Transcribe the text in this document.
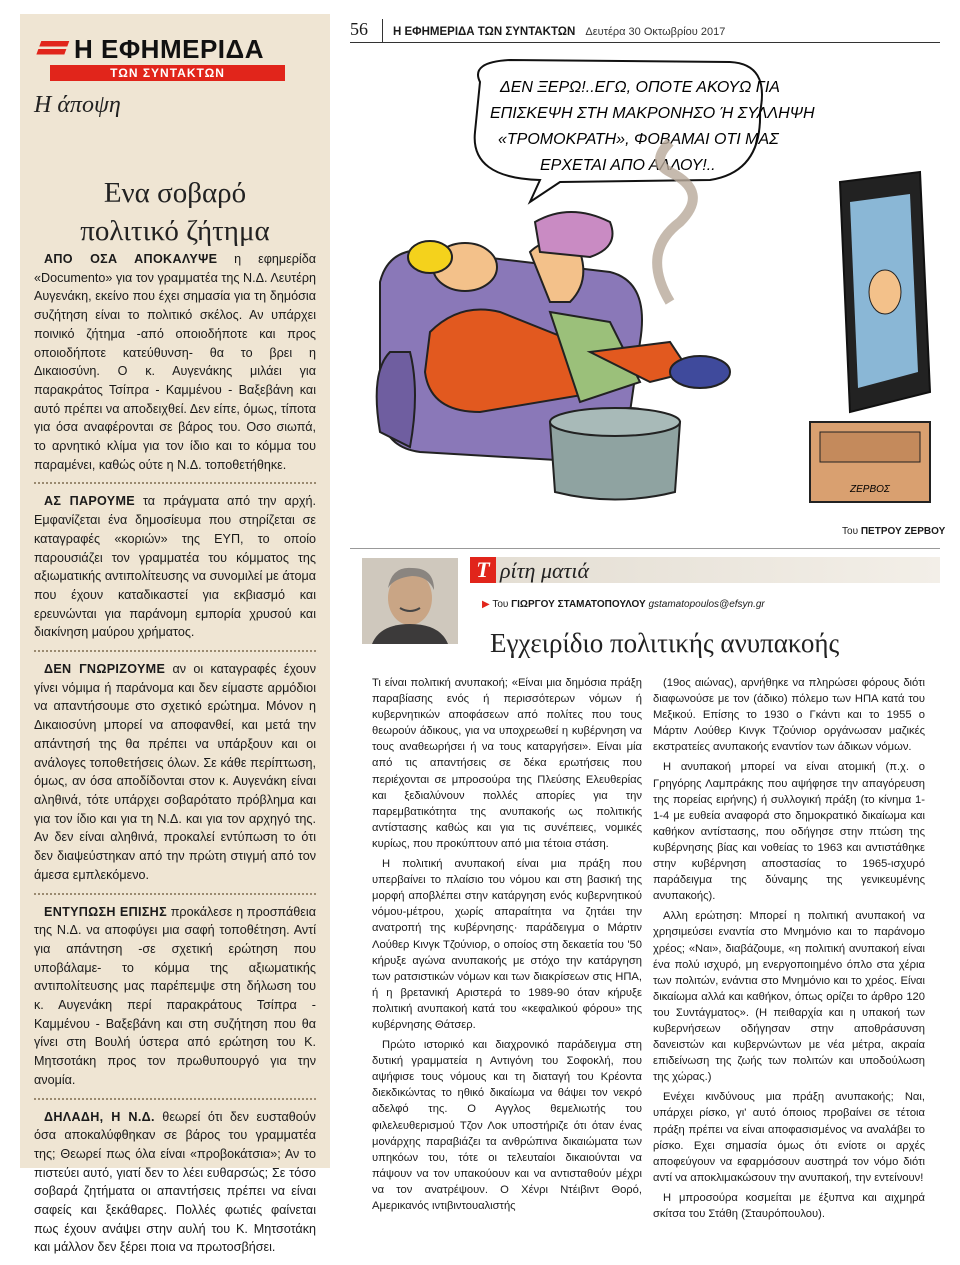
Η ΕΦΗΜΕΡΙΔΑ
ΤΩΝ ΣΥΝΤΑΚΤΩΝ
Η άποψη
Ενα σοβαρό
πολιτικό ζήτημα

ΑΠΟ ΟΣΑ ΑΠΟΚΑΛΥΨΕ η εφημερίδα «Documento» για τον γραμματέα της Ν.Δ. Λευτέρη Αυγενάκη, εκείνο που έχει σημασία για τη δημόσια συζήτηση είναι το πολιτικό σκέλος. Αν υπάρχει ποινικό ζήτημα -από οποιοδήποτε και προς οποιοδήποτε κατεύθυνση- θα το βρει η Δικαιοσύνη. Ο κ. Αυγενάκης μιλάει για παρακράτος Τσίπρα - Καμμένου - Βαξεβάνη και αυτό πρέπει να αποδειχθεί. Δεν είπε, όμως, τίποτα για όσα αναφέρονται σε βάρος του. Οσο σιωπά, το αρνητικό κλίμα για τον ίδιο και το κόμμα του παραμένει, καθώς ούτε η Ν.Δ. τοποθετήθηκε.

ΑΣ ΠΑΡΟΥΜΕ τα πράγματα από την αρχή. Εμφανίζεται ένα δημοσίευμα που στηρίζεται σε καταγραφές «κοριών» της ΕΥΠ, το οποίο παρουσιάζει τον γραμματέα του κόμματος της αξιωματικής αντιπολίτευσης να συνομιλεί με άτομα που έχουν καταδικαστεί για εκβιασμό και ερευνώνται για παράνομη εμπορία χρυσού και διακίνηση μαύρου χρήματος.

ΔΕΝ ΓΝΩΡΙΖΟΥΜΕ αν οι καταγραφές έχουν γίνει νόμιμα ή παράνομα και δεν είμαστε αρμόδιοι να απαντήσουμε στο σχετικό ερώτημα. Μόνον η Δικαιοσύνη μπορεί να αποφανθεί, και μετά την απάντησή της θα πρέπει να υπάρξουν και οι ανάλογες τοποθετήσεις όλων. Σε κάθε περίπτωση, όμως, αν όσα αποδίδονται στον κ. Αυγενάκη είναι αληθινά, τότε υπάρχει σοβαρότατο πρόβλημα και για τον ίδιο και για τη Ν.Δ. και για τον αρχηγό της. Αν δεν είναι αληθινά, προκαλεί εντύπωση το ότι δεν διαψεύστηκαν από την πρώτη στιγμή από τον άμεσα εμπλεκόμενο.

ΕΝΤΥΠΩΣΗ ΕΠΙΣΗΣ προκάλεσε η προσπάθεια της Ν.Δ. να αποφύγει μια σαφή τοποθέτηση. Αντί για απάντηση -σε σχετική ερώτηση που υποβάλαμε- το κόμμα της αξιωματικής αντιπολίτευσης μας παρέπεμψε στη δήλωση του κ. Αυγενάκη περί παρακράτους Τσίπρα - Καμμένου - Βαξεβάνη και στη συζήτηση που θα γίνει στη Βουλή ύστερα από ερώτηση του Κ. Μητσοτάκη προς τον πρωθυπουργό για την ανομία.

ΔΗΛΑΔΗ, Η Ν.Δ. θεωρεί ότι δεν ευσταθούν όσα αποκαλύφθηκαν σε βάρος του γραμματέα της; Θεωρεί πως όλα είναι «προβοκάτσια»; Αν το πιστεύει αυτό, γιατί δεν το λέει ευθαρσώς; Σε τόσο σοβαρά ζητήματα οι απαντήσεις πρέπει να είναι σαφείς και ξεκάθαρες. Πολλές φωτιές φαίνεται πως έχουν ανάψει στην αυλή του Κ. Μητσοτάκη και μάλλον δεν ξέρει ποια να πρωτοσβήσει.

56	Η ΕΦΗΜΕΡΙΔΑ ΤΩΝ ΣΥΝΤΑΚΤΩΝ Δευτέρα 30 Οκτωβρίου 2017
ΔΕΝ ΞΕΡΩ!..ΕΓΩ, ΟΠΟΤΕ ΑΚΟΥΩ ΓΙΑ
ΕΠΙΣΚΕΨΗ ΣΤΗ ΜΑΚΡΟΝΗΣΟ Ή ΣΥΛΛΗΨΗ
«ΤΡΟΜΟΚΡΑΤΗ», ΦΟΒΑΜΑΙ ΟΤΙ ΜΑΣ
ΕΡΧΕΤΑΙ ΑΠΟ ΑΛΛΟΥ!..
ΖΕΡΒΟΣ
Του ΠΕΤΡΟΥ ΖΕΡΒΟΥ
Τ ρίτη ματιά
▶ Του ΓΙΩΡΓΟΥ ΣΤΑΜΑΤΟΠΟΥΛΟΥ gstamatopoulos@efsyn.gr
Εγχειρίδιο πολιτικής ανυπακοής

Τι είναι πολιτική ανυπακοή; «Είναι μια δημόσια πράξη παραβίασης ενός ή περισσότερων νόμων ή κυβερνητικών αποφάσεων από πολίτες που τους θεωρούν άδικους, για να υποχρεωθεί η κυβέρνηση να τους αναθεωρήσει ή να τους καταργήσει». Είναι μία από τις απαντήσεις σε δέκα ερωτήσεις που περιέχονται σε μπροσούρα της Πλεύσης Ελευθερίας και ξεδιαλύνουν πολλές απορίες για την παρεμβατικότητα της ανυπακοής ως πολιτικής αντίστασης καθώς και για τις συνέπειες, νομικές κυρίως, που προκύπτουν από μια τέτοια στάση.

Η πολιτική ανυπακοή είναι μια πράξη που υπερβαίνει το πλαίσιο του νόμου και στη βασική της μορφή αποβλέπει στην κατάργηση ενός κυβερνητικού νόμου-μέτρου, χωρίς απαραίτητα να ζητάει την ανατροπή της κυβέρνησης· παράδειγμα ο Μάρτιν Λούθερ Κινγκ Τζούνιορ, ο οποίος στη δεκαετία του '50 κήρυξε αγώνα ανυπακοής με στόχο την κατάργηση των ρατσιστικών νόμων και των διακρίσεων στις ΗΠΑ, ή η βρετανική Αριστερά το 1989-90 όταν κήρυξε πολιτική ανυπακοή κατά του «κεφαλικού φόρου» της κυβέρνησης Θάτσερ.

Πρώτο ιστορικό και διαχρονικό παράδειγμα στη δυτική γραμματεία η Αντιγόνη του Σοφοκλή, που αψήφισε τους νόμους και τη διαταγή του Κρέοντα διεκδικώντας το ηθικό δικαίωμα να θάψει τον νεκρό αδελφό της. Ο Αγγλος θεμελιωτής του φιλελευθερισμού Τζον Λοκ υποστήριζε ότι όταν ένας μονάρχης παραβιάζει τα ανθρώπινα δικαιώματα των υπηκόων του, τότε οι τελευταίοι δικαιούνται να πάψουν να τον υπακούουν και να αντισταθούν μέχρι να τον ανατρέψουν. Ο Χένρι Ντέιβιντ Θορό, Αμερικανός ιντιβιντουαλιστής

(19ος αιώνας), αρνήθηκε να πληρώσει φόρους διότι διαφωνούσε με τον (άδικο) πόλεμο των ΗΠΑ κατά του Μεξικού. Επίσης το 1930 ο Γκάντι και το 1955 ο Μάρτιν Λούθερ Κινγκ Τζούνιορ οργάνωσαν μαζικές εκστρατείες ανυπακοής εναντίον των άδικων νόμων.

Η ανυπακοή μπορεί να είναι ατομική (π.χ. ο Γρηγόρης Λαμπράκης που αψήφησε την απαγόρευση της πορείας ειρήνης) ή συλλογική πράξη (το κίνημα 1-1-4 με ευθεία αναφορά στο δημοκρατικό δικαίωμα και καθήκον αντίστασης, που οδήγησε στην πτώση της κυβέρνησης βίας και νοθείας το 1963 και αντιστάθηκε στην κυβέρνηση αποστασίας το 1965-ισχυρό παράδειγμα της δύναμης της γενικευμένης ανυπακοής).

Αλλη ερώτηση: Μπορεί η πολιτική ανυπακοή να χρησιμεύσει εναντία στο Μνημόνιο και το παράνομο χρέος; «Ναι», διαβάζουμε, «η πολιτική ανυπακοή είναι ένα πολύ ισχυρό, μη ενεργοποιημένο όπλο στα χέρια των πολιτών, ενάντια στο Μνημόνιο και το χρέος. Είναι δικαίωμα αλλά και καθήκον, όπως ορίζει το άρθρο 120 του Συντάγματος». (Η πειθαρχία και η υπακοή των κυβερνήσεων οδήγησαν στην αποθράσυνση δανειστών και κυβερνώντων με νέα μέτρα, ακραία επιδείνωση της ζωής των πολιτών και υποδούλωση της χώρας.)

Ενέχει κινδύνους μια πράξη ανυπακοής; Ναι, υπάρχει ρίσκο, γι' αυτό όποιος προβαίνει σε τέτοια πράξη πρέπει να είναι αποφασισμένος να αναλάβει το ρίσκο. Εχει σημασία όμως ότι ενίοτε οι αρχές αποφεύγουν να εφαρμόσουν αυστηρά τον νόμο διότι αντί να αποκλιμακώσουν την ανυπακοή, την εντείνουν!

Η μπροσούρα κοσμείται με έξυπνα και αιχμηρά σκίτσα του Στάθη (Σταυρόπουλου).
